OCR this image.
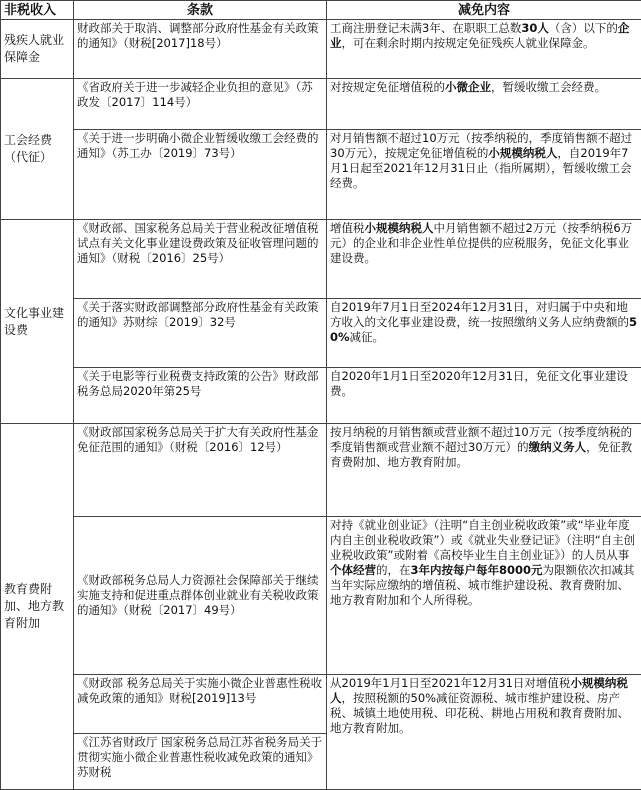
非税收入	条款	减免内容
残疾人就业保障金	财政部关于取消、调整部分政府性基金有关政策的通知》（财税[2017]18号）	工商注册登记未满3年、在职职工总数30人（含）以下的企业，可在剩余时期内按规定免征残疾人就业保障金。
工会经费（代征）	《省政府关于进一步减轻企业负担的意见》（苏政发〔2017〕114号）	对按规定免征增值税的小微企业，暂缓收缴工会经费。
	《关于进一步明确小微企业暂缓收缴工会经费的通知》（苏工办〔2019〕73号）	对月销售额不超过10万元（按季纳税的，季度销售额不超过30万元），按规定免征增值税的小规模纳税人，自2019年7月1日起至2021年12月31日止（指所属期），暂缓收缴工会经费。
文化事业建设费	《财政部、国家税务总局关于营业税改征增值税试点有关文化事业建设费政策及征收管理问题的通知》（财税〔2016〕25号）	增值税小规模纳税人中月销售额不超过2万元（按季纳税6万元）的企业和非企业性单位提供的应税服务，免征文化事业建设费。
	《关于落实财政部调整部分政府性基金有关政策的通知》苏财综〔2019〕32号	自2019年7月1日至2024年12月31日，对归属于中央和地方收入的文化事业建设费，统一按照缴纳义务人应纳费额的50%减征。
	《关于电影等行业税费支持政策的公告》财政部　税务总局2020年第25号	自2020年1月1日至2020年12月31日，免征文化事业建设费。
教育费附加、地方教育附加	《财政部国家税务总局关于扩大有关政府性基金免征范围的通知》（财税〔2016〕12号）	按月纳税的月销售额或营业额不超过10万元（按季度纳税的季度销售额或营业额不超过30万元）的缴纳义务人，免征教育费附加、地方教育附加。
	《财政部税务总局人力资源社会保障部关于继续实施支持和促进重点群体创业就业有关税收政策的通知》（财税〔2017〕49号）	对持《就业创业证》（注明“自主创业税收政策”或“毕业年度内自主创业税收政策”）或《就业失业登记证》（注明“自主创业税收政策”或附着《高校毕业生自主创业证》）的人员从事个体经营的，在3年内按每户每年8000元为限额依次扣减其当年实际应缴纳的增值税、城市维护建设税、教育费附加、地方教育附加和个人所得税。
	《财政部 税务总局关于实施小微企业普惠性税收减免政策的通知》财税[2019]13号	从2019年1月1日至2021年12月31日对增值税小规模纳税人，按照税额的50%减征资源税、城市维护建设税、房产税、城镇土地使用税、印花税、耕地占用税和教育费附加、地方教育附加。
	《江苏省财政厅 国家税务总局江苏省税务局关于贯彻实施小微企业普惠性税收减免政策的通知》苏财税	
